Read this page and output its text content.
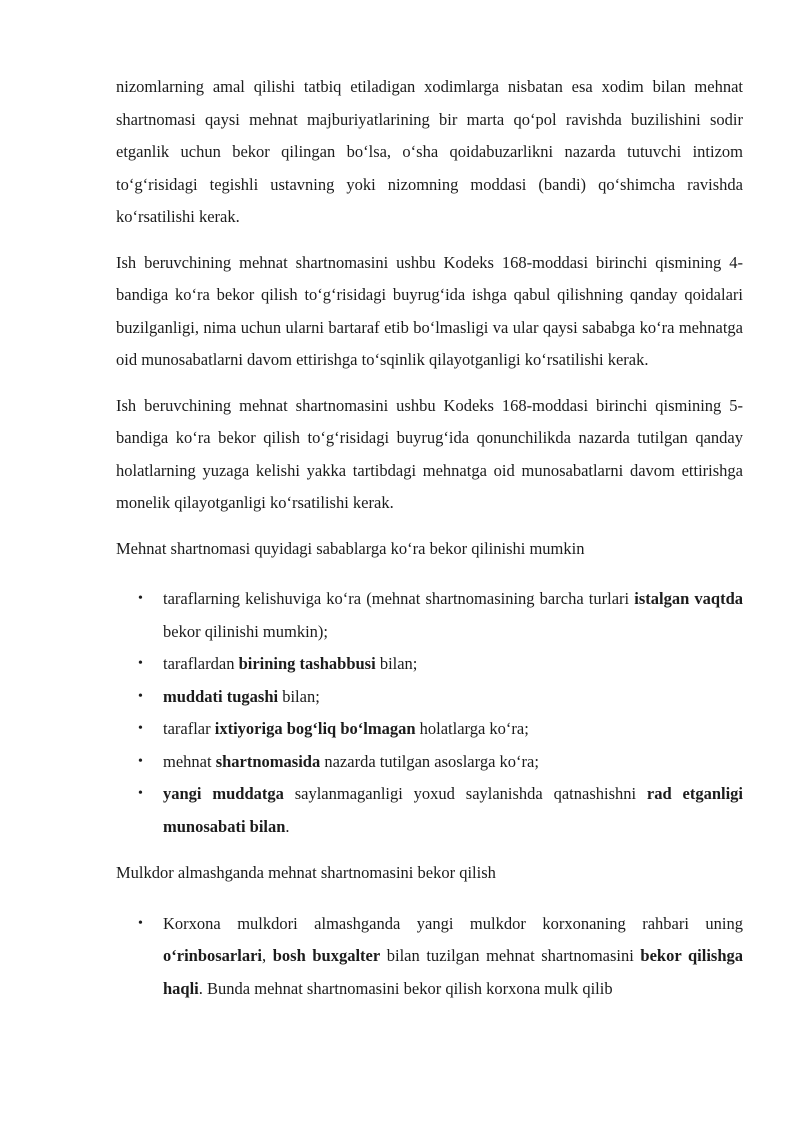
nizomlarning amal qilishi tatbiq etiladigan xodimlarga nisbatan esa xodim bilan mehnat shartnomasi qaysi mehnat majburiyatlarining bir marta qo‘pol ravishda buzilishini sodir etganlik uchun bekor qilingan bo‘lsa, o‘sha qoidabuzarlikni nazarda tutuvchi intizom to‘g‘risidagi tegishli ustavning yoki nizomning moddasi (bandi) qo‘shimcha ravishda ko‘rsatilishi kerak.

Ish beruvchining mehnat shartnomasini ushbu Kodeks 168-moddasi birinchi qismining 4-bandiga ko‘ra bekor qilish to‘g‘risidagi buyrug‘ida ishga qabul qilishning qanday qoidalari buzilganligi, nima uchun ularni bartaraf etib bo‘lmasligi va ular qaysi sababga ko‘ra mehnatga oid munosabatlarni davom ettirishga to‘sqinlik qilayotganligi ko‘rsatilishi kerak.

Ish beruvchining mehnat shartnomasini ushbu Kodeks 168-moddasi birinchi qismining 5-bandiga ko‘ra bekor qilish to‘g‘risidagi buyrug‘ida qonunchilikda nazarda tutilgan qanday holatlarning yuzaga kelishi yakka tartibdagi mehnatga oid munosabatlarni davom ettirishga monelik qilayotganligi ko‘rsatilishi kerak.

Mehnat shartnomasi quyidagi sabablarga ko‘ra bekor qilinishi mumkin

• taraflarning kelishuviga ko‘ra (mehnat shartnomasining barcha turlari istalgan vaqtda bekor qilinishi mumkin);
• taraflardan birining tashabbusi bilan;
• muddati tugashi bilan;
• taraflar ixtiyoriga bog‘liq bo‘lmagan holatlarga ko‘ra;
• mehnat shartnomasida nazarda tutilgan asoslarga ko‘ra;
• yangi muddatga saylanmaganligi yoxud saylanishda qatnashishni rad etganligi munosabati bilan.

Mulkdor almashganda mehnat shartnomasini bekor qilish

• Korxona mulkdori almashganda yangi mulkdor korxonaning rahbari uning o‘rinbosarlari, bosh buxgalter bilan tuzilgan mehnat shartnomasini bekor qilishga haqli. Bunda mehnat shartnomasini bekor qilish korxona mulk qilib
